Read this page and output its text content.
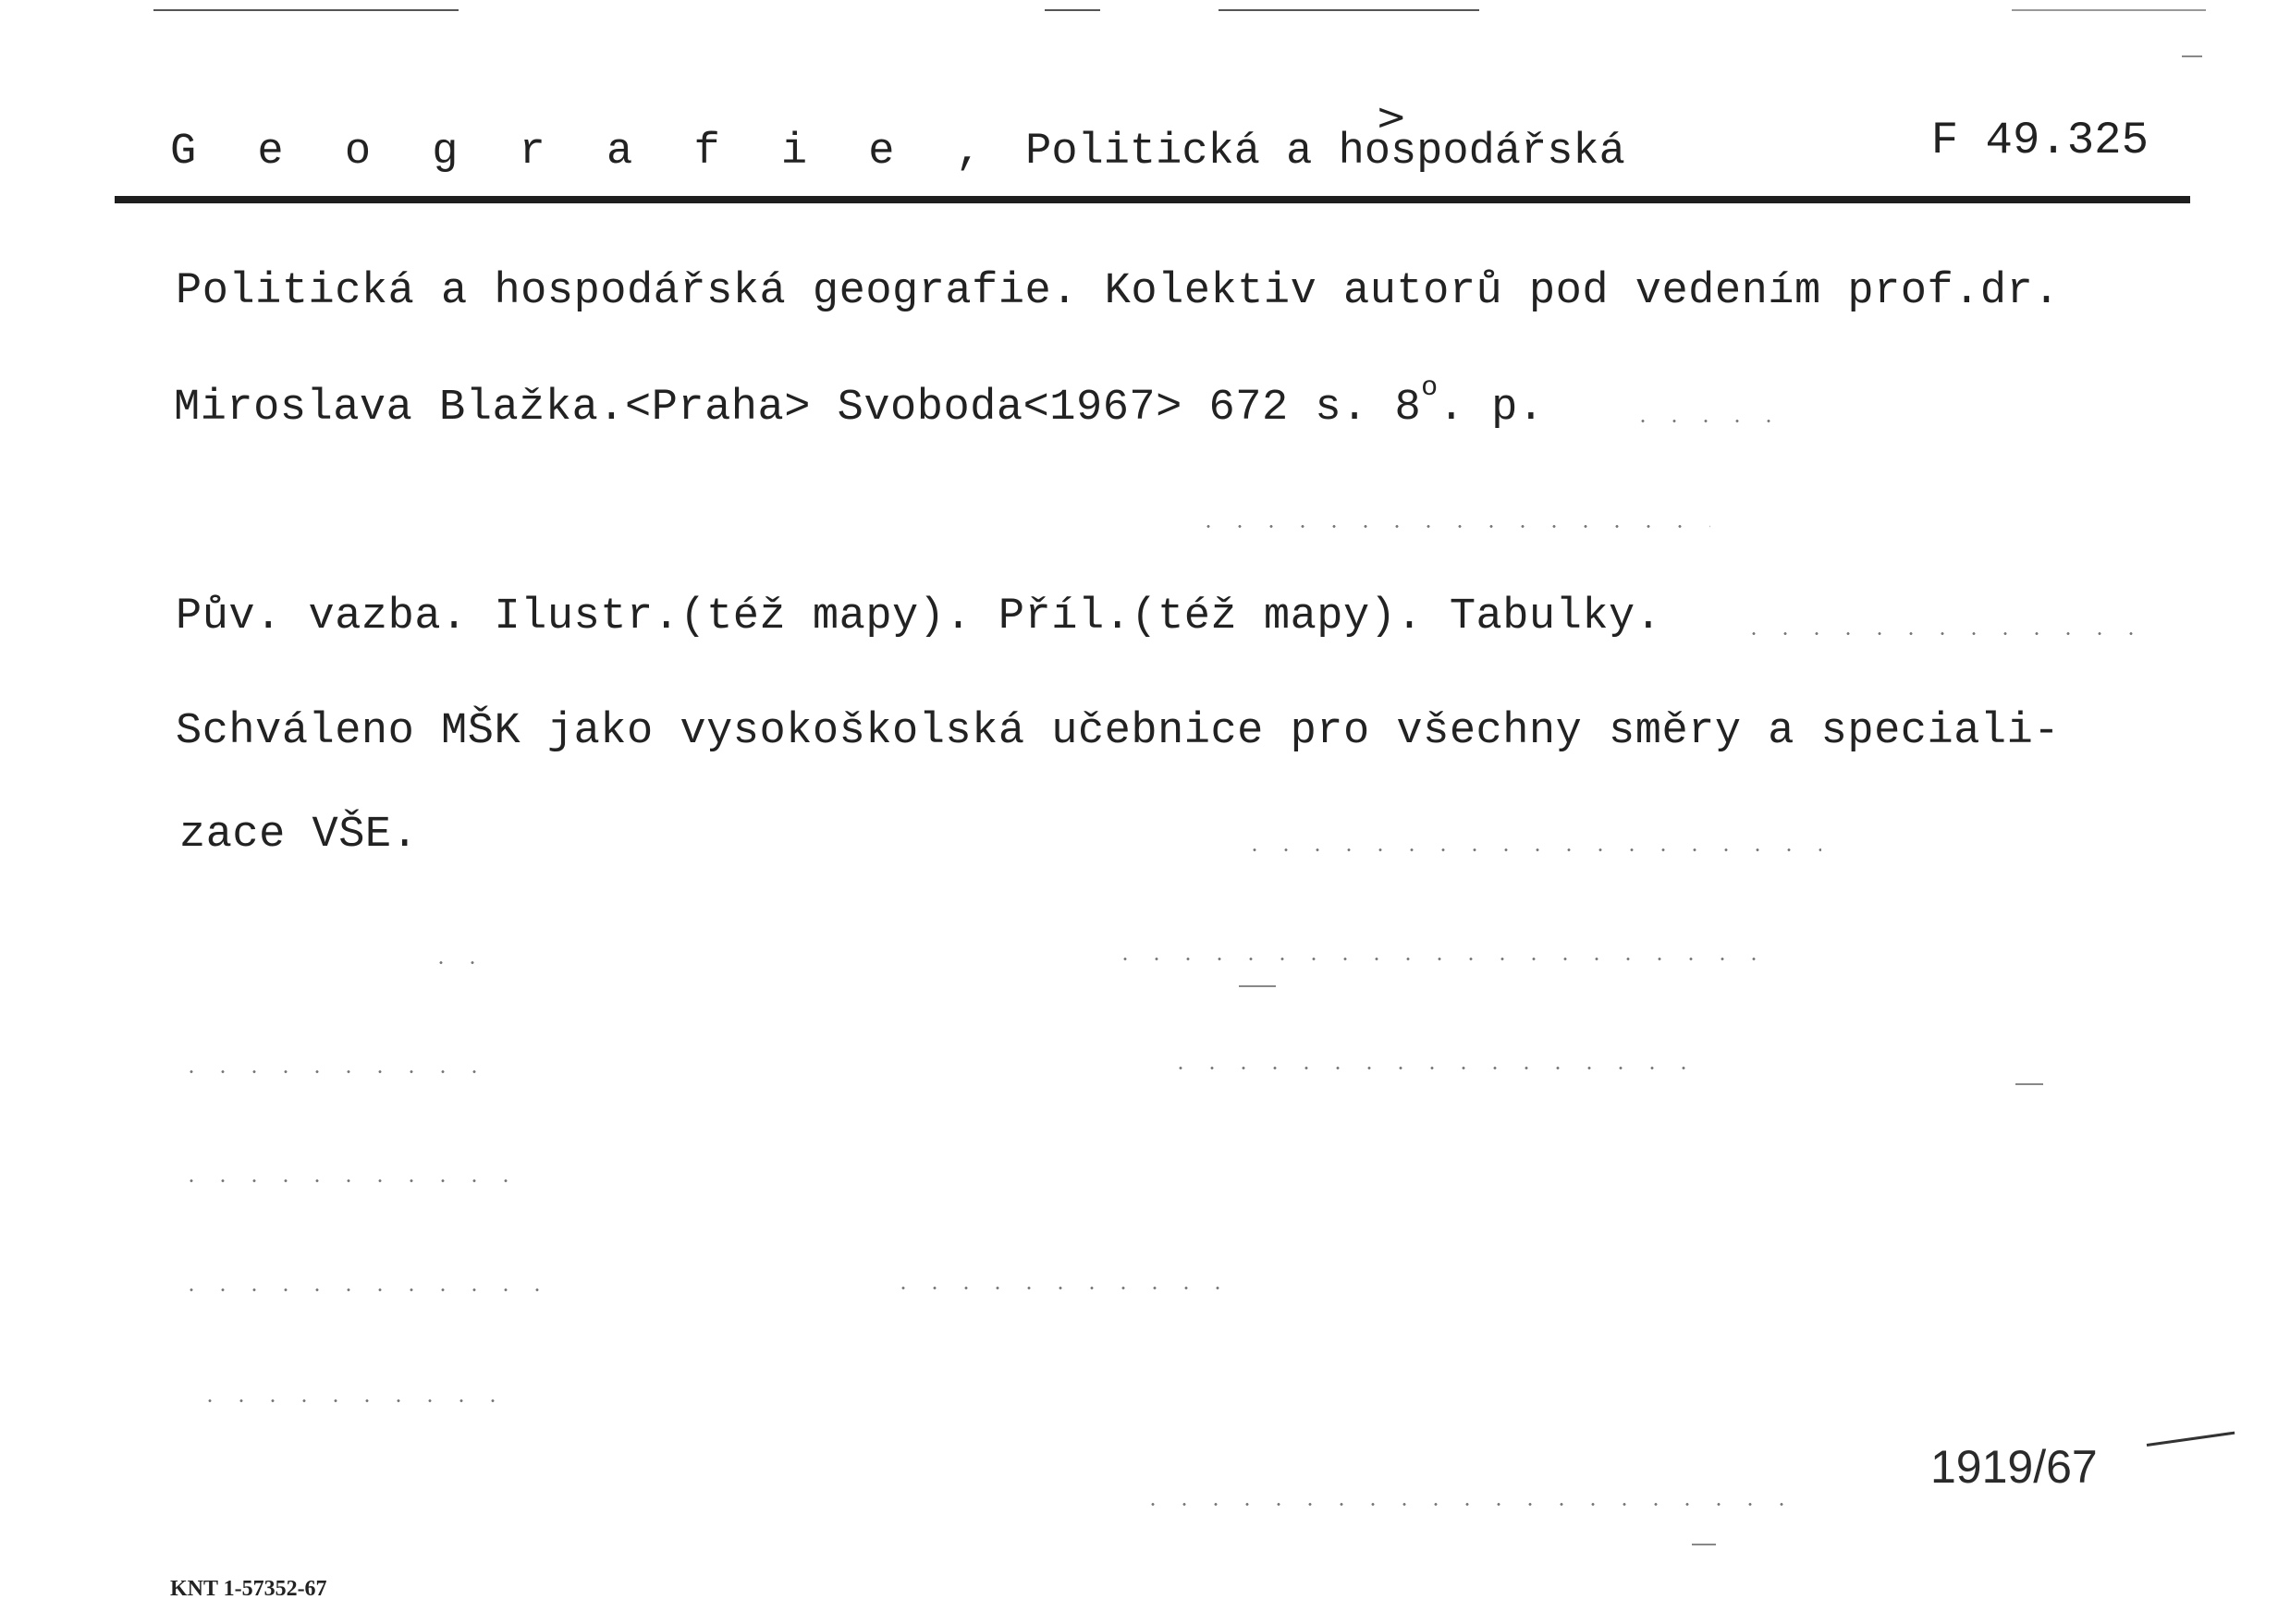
G e o g r a f i e , Politická a hospodářská
>	F 49.325
Politická a hospodářská geografie. Kolektiv autorů pod vedením prof.dr.
Miroslava Blažka.<Praha> Svoboda<1967> 672 s. 8$^o$. p.
Pův. vazba. Ilustr.(též mapy). Příl.(též mapy). Tabulky.
Schváleno MŠK jako vysokoškolská učebnice pro všechny směry a speciali-
zace VŠE.
1919/67
KNT 1-57352-67
